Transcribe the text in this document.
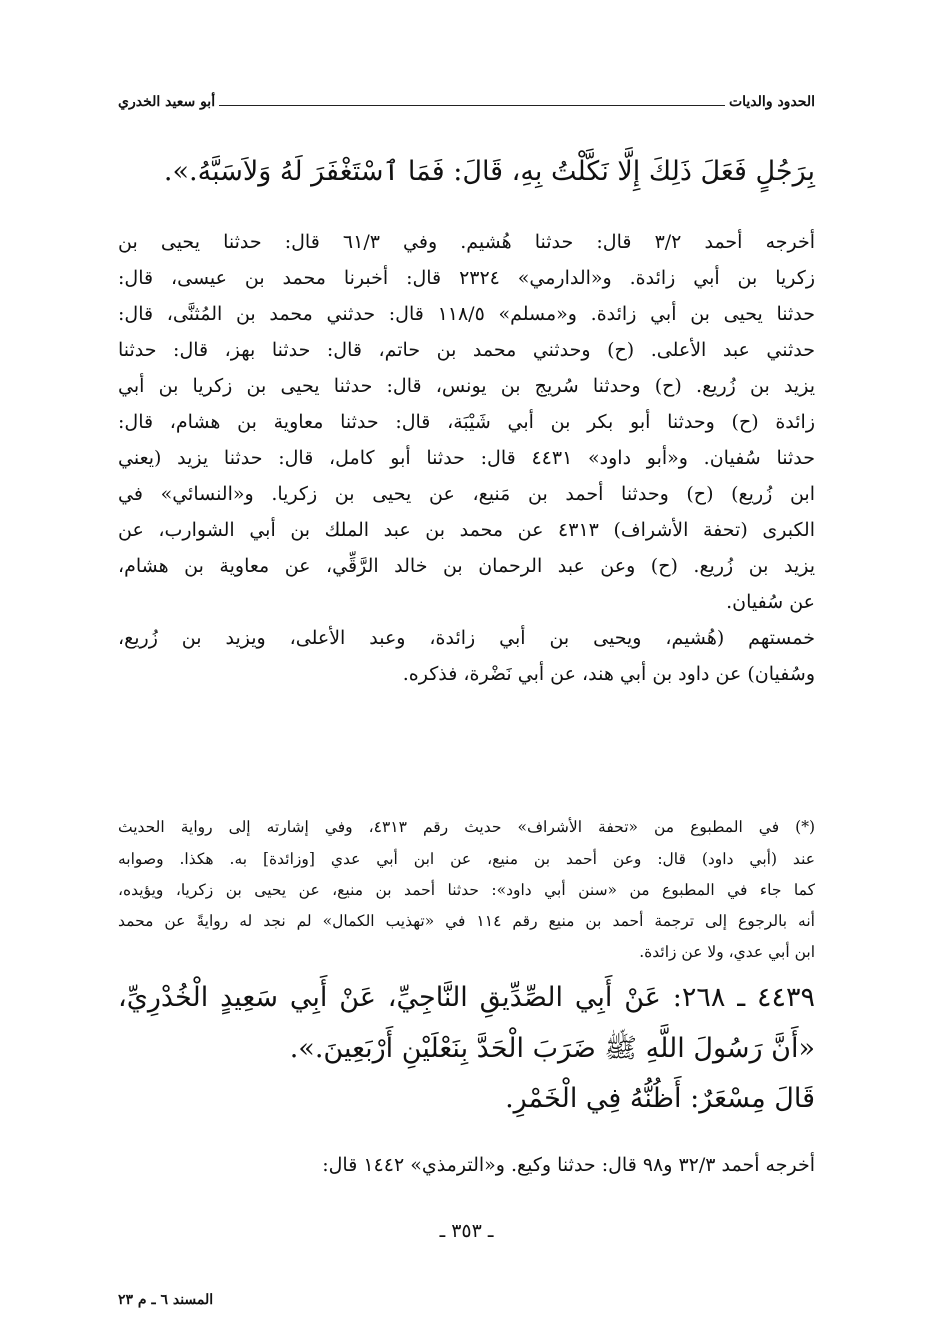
الحدود والديات
أبو سعيد الخدري
بِرَجُلٍ فَعَلَ ذَلِكَ إِلَّا نَكَّلْتُ بِهِ، قَالَ: فَمَا ٱسْتَغْفَرَ لَهُ وَلاَسَبَّهُ.».
أخرجه أحمد ٣/٢ قال: حدثنا هُشيم. وفي ٦١/٣ قال: حدثنا يحيى بن
زكريا بن أبي زائدة. و«الدارمي» ٢٣٢٤ قال: أخبرنا محمد بن عيسى، قال:
حدثنا يحيى بن أبي زائدة. و«مسلم» ١١٨/٥ قال: حدثني محمد بن المُثنَّى، قال:
حدثني عبد الأعلى. (ح) وحدثني محمد بن حاتم، قال: حدثنا بهز، قال: حدثنا
يزيد بن زُريع. (ح) وحدثنا سُريج بن يونس، قال: حدثنا يحيى بن زكريا بن أبي
زائدة (ح) وحدثنا أبو بكر بن أبي شَيْبَة، قال: حدثنا معاوية بن هشام، قال:
حدثنا سُفيان. و«أبو داود» ٤٤٣١ قال: حدثنا أبو كامل، قال: حدثنا يزيد (يعني
ابن زُريع) (ح) وحدثنا أحمد بن مَنيع، عن يحيى بن زكريا. و«النسائي» في
الكبرى (تحفة الأشراف) ٤٣١٣ عن محمد بن عبد الملك بن أبي الشوارب، عن
يزيد بن زُريع. (ح) وعن عبد الرحمان بن خالد الرَّقِّي، عن معاوية بن هشام،
عن سُفيان.
خمستهم (هُشيم، ويحيى بن أبي زائدة، وعبد الأعلى، ويزيد بن زُريع،
وسُفيان) عن داود بن أبي هند، عن أبي نَضْرة، فذكره.
(*) في المطبوع من «تحفة الأشراف» حديث رقم ٤٣١٣، وفي إشارته إلى رواية الحديث
عند (أبي داود) قال: وعن أحمد بن منيع، عن ابن أبي عدي [وزائدة] به. هكذا. وصوابه
كما جاء في المطبوع من «سنن أبي داود»: حدثنا أحمد بن منيع، عن يحيى بن زكريا، ويؤيده،
أنه بالرجوع إلى ترجمة أحمد بن منيع رقم ١١٤ في «تهذيب الكمال» لم نجد له روايةً عن محمد
ابن أبي عدي، ولا عن زائدة.
٤٤٣٩ ـ ٢٦٨: عَنْ أَبِي الصِّدِّيقِ النَّاجِيِّ، عَنْ أَبِي سَعِيدٍ الْخُدْرِيِّ،
«أَنَّ رَسُولَ اللَّهِ ﷺ ضَرَبَ الْحَدَّ بِنَعْلَيْنِ أَرْبَعِينَ.».
قَالَ مِسْعَرٌ: أَظُنُّهُ فِي الْخَمْرِ.
أخرجه أحمد ٣٢/٣ و٩٨ قال: حدثنا وكيع. و«الترمذي» ١٤٤٢ قال:
ـ ٣٥٣ ـ
المسند ٦ ـ م ٢٣
